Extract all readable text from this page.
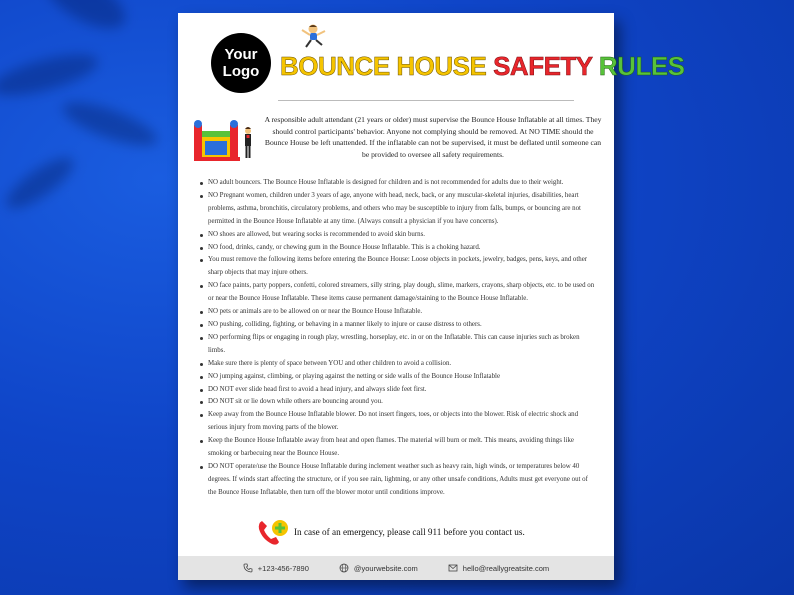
Your
Logo BOUNCE HOUSE SAFETY RULES
A responsible adult attendant (21 years or older) must supervise the Bounce House Inflatable at all times. They should control participants' behavior. Anyone not complying should be removed. At NO TIME should the Bounce House be left unattended. If the inflatable can not be supervised, it must be deflated until someone can be provided to oversee all safety requirements.
NO adult bouncers. The Bounce House Inflatable is designed for children and is not recommended for adults due to their weight.
NO Pregnant women, children under 3 years of age, anyone with head, neck, back, or any muscular-skeletal injuries, disabilities, heart problems, asthma, bronchitis, circulatory problems, and others who may be susceptible to injury from falls, bumps, or bouncing are not permitted in the Bounce House Inflatable at any time. (Always consult a physician if you have concerns).
NO shoes are allowed, but wearing socks is recommended to avoid skin burns.
NO food, drinks, candy, or chewing gum in the Bounce House Inflatable. This is a choking hazard.
You must remove the following items before entering the Bounce House: Loose objects in pockets, jewelry, badges, pens, keys, and other sharp objects that may injure others.
NO face paints, party poppers, confetti, colored streamers, silly string, play dough, slime, markers, crayons, sharp objects, etc. to be used on or near the Bounce House Inflatable. These items cause permanent damage/staining to the Bounce House Inflatable.
NO pets or animals are to be allowed on or near the Bounce House Inflatable.
NO pushing, colliding, fighting, or behaving in a manner likely to injure or cause distress to others.
NO performing flips or engaging in rough play, wrestling, horseplay, etc. in or on the Inflatable. This can cause injuries such as broken limbs.
Make sure there is plenty of space between YOU and other children to avoid a collision.
NO jumping against, climbing, or playing against the netting or side walls of the Bounce House Inflatable
DO NOT ever slide head first to avoid a head injury, and always slide feet first.
DO NOT sit or lie down while others are bouncing around you.
Keep away from the Bounce House Inflatable blower. Do not insert fingers, toes, or objects into the blower. Risk of electric shock and serious injury from moving parts of the blower.
Keep the Bounce House Inflatable away from heat and open flames. The material will burn or melt. This means, avoiding things like smoking or barbecuing near the Bounce House.
DO NOT operate/use the Bounce House Inflatable during inclement weather such as heavy rain, high winds, or temperatures below 40 degrees. If winds start affecting the structure, or if you see rain, lightning, or any other unsafe conditions, Adults must get everyone out of the Bounce House Inflatable, then turn off the blower motor until conditions improve.
In case of an emergency, please call 911 before you contact us.
+123-456-7890	@yourwebsite.com	hello@reallygreatsite.com
